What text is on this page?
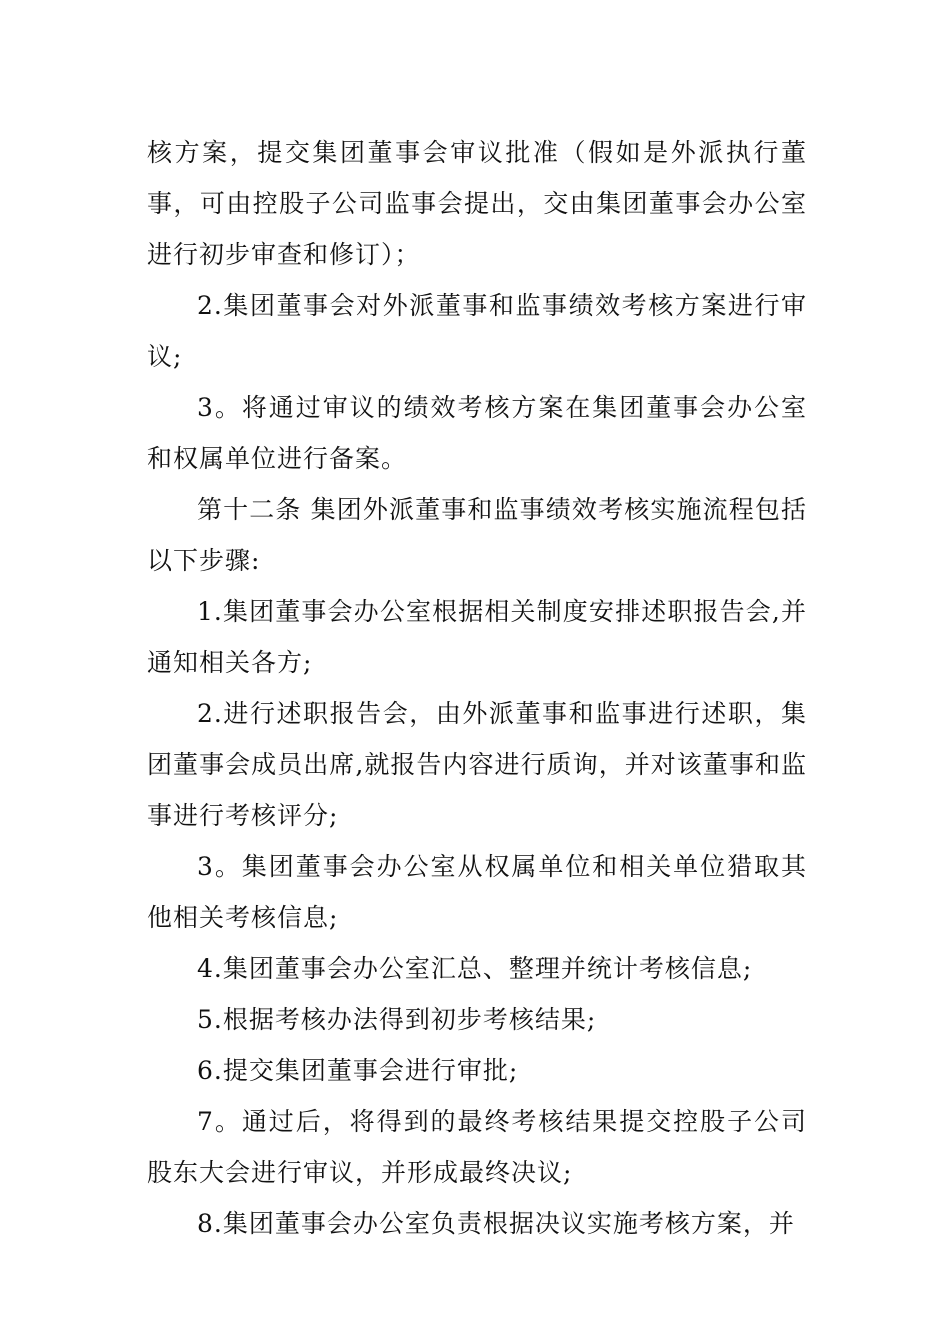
核方案，提交集团董事会审议批准（假如是外派执行董事，可由控股子公司监事会提出，交由集团董事会办公室进行初步审查和修订）；

2.集团董事会对外派董事和监事绩效考核方案进行审议;

3。将通过审议的绩效考核方案在集团董事会办公室和权属单位进行备案。

第十二条 集团外派董事和监事绩效考核实施流程包括以下步骤:

1.集团董事会办公室根据相关制度安排述职报告会,并通知相关各方;

2.进行述职报告会，由外派董事和监事进行述职，集团董事会成员出席,就报告内容进行质询，并对该董事和监事进行考核评分;

3。集团董事会办公室从权属单位和相关单位猎取其他相关考核信息;

4.集团董事会办公室汇总、整理并统计考核信息;

5.根据考核办法得到初步考核结果;

6.提交集团董事会进行审批;

7。通过后，将得到的最终考核结果提交控股子公司股东大会进行审议，并形成最终决议;

8.集团董事会办公室负责根据决议实施考核方案，并
